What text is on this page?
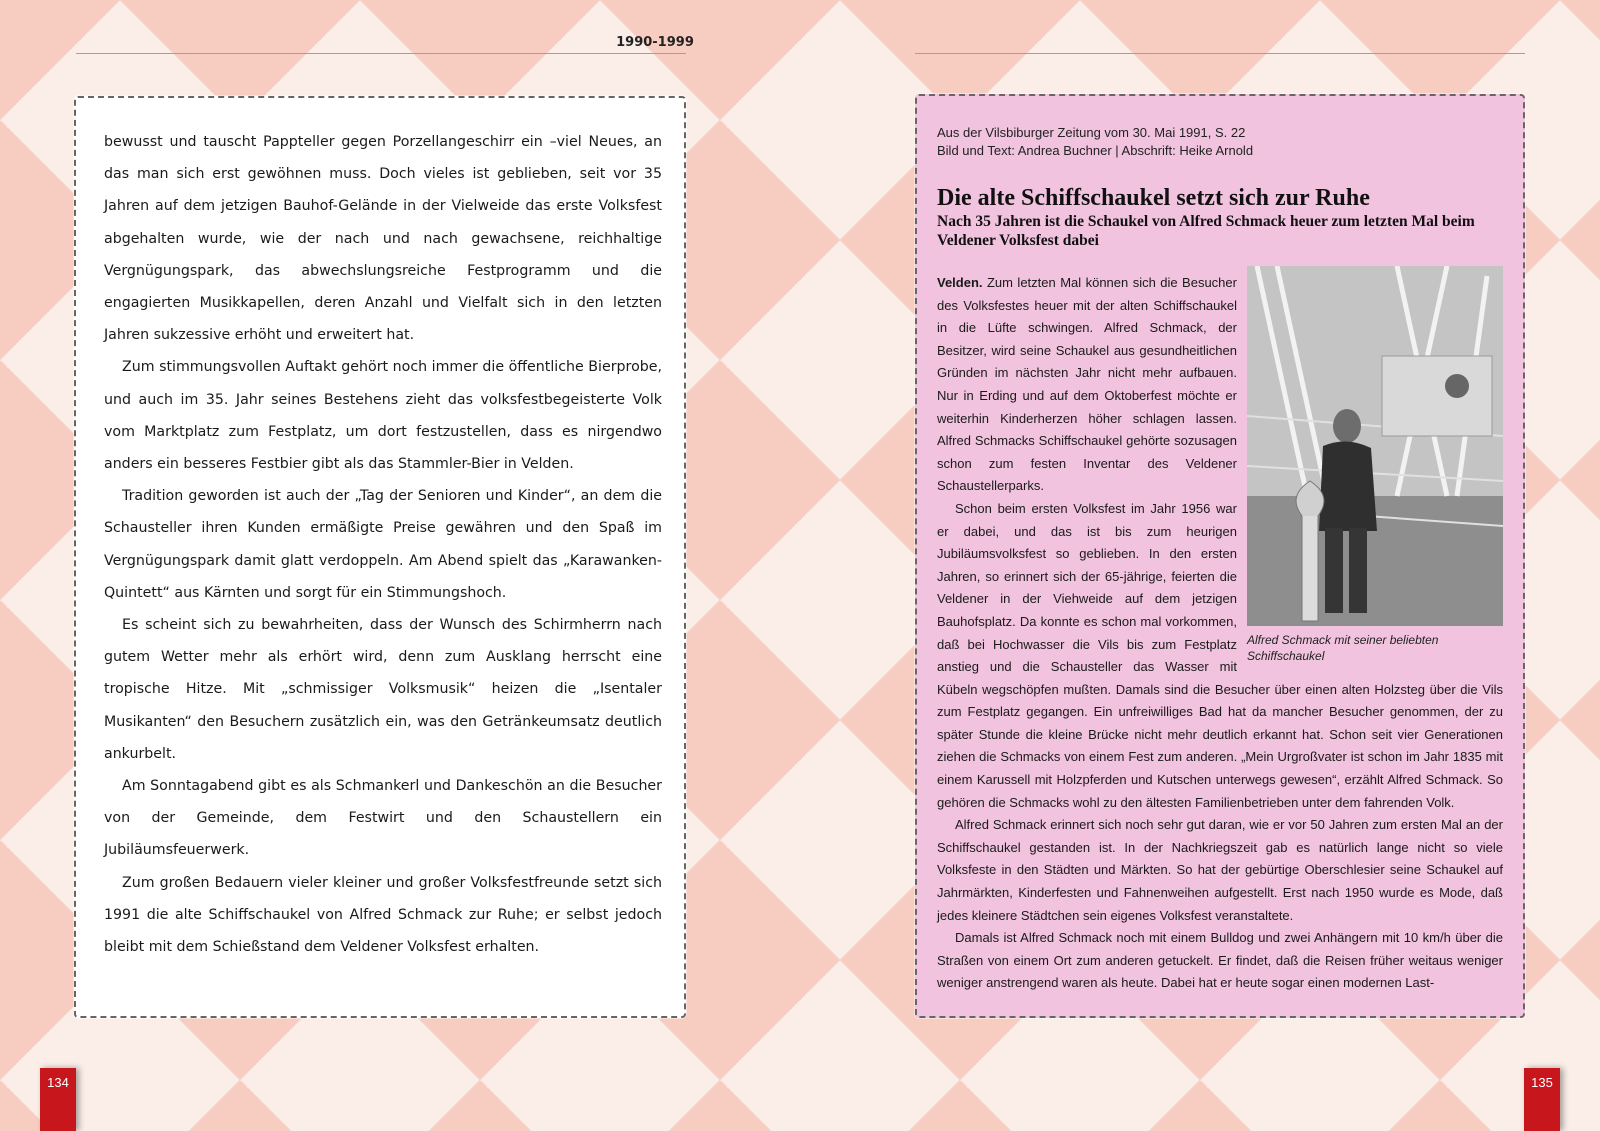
1990-1999

bewusst und tauscht Pappteller gegen Porzellangeschirr ein –viel Neues, an das man sich erst gewöhnen muss. Doch vieles ist geblieben, seit vor 35 Jahren auf dem jetzigen Bauhof-Gelände in der Vielweide das erste Volksfest abgehalten wurde, wie der nach und nach gewachsene, reichhaltige Vergnügungspark, das abwechslungsreiche Festprogramm und die engagierten Musikkapellen, deren Anzahl und Vielfalt sich in den letzten Jahren sukzessive erhöht und erweitert hat.

Zum stimmungsvollen Auftakt gehört noch immer die öffentliche Bierprobe, und auch im 35. Jahr seines Bestehens zieht das volksfestbegeisterte Volk vom Marktplatz zum Festplatz, um dort festzustellen, dass es nirgendwo anders ein besseres Festbier gibt als das Stammler-Bier in Velden.

Tradition geworden ist auch der „Tag der Senioren und Kinder“, an dem die Schausteller ihren Kunden ermäßigte Preise gewähren und den Spaß im Vergnügungspark damit glatt verdoppeln. Am Abend spielt das „Karawanken-Quintett“ aus Kärnten und sorgt für ein Stimmungshoch.

Es scheint sich zu bewahrheiten, dass der Wunsch des Schirmherrn nach gutem Wetter mehr als erhört wird, denn zum Ausklang herrscht eine tropische Hitze. Mit „schmissiger Volksmusik“ heizen die „Isentaler Musikanten“ den Besuchern zusätzlich ein, was den Getränkeumsatz deutlich ankurbelt.

Am Sonntagabend gibt es als Schmankerl und Dankeschön an die Besucher von der Gemeinde, dem Festwirt und den Schaustellern ein Jubiläumsfeuerwerk.

Zum großen Bedauern vieler kleiner und großer Volksfestfreunde setzt sich 1991 die alte Schiffschaukel von Alfred Schmack zur Ruhe; er selbst jedoch bleibt mit dem Schießstand dem Veldener Volksfest erhalten.

Aus der Vilsbiburger Zeitung vom 30. Mai 1991, S. 22
Bild und Text: Andrea Buchner | Abschrift: Heike Arnold
Die alte Schiffschaukel setzt sich zur Ruhe
Nach 35 Jahren ist die Schaukel von Alfred Schmack heuer zum letzten Mal beim Veldener Volksfest dabei
Alfred Schmack mit seiner beliebten Schiffschaukel

Velden. Zum letzten Mal können sich die Besucher des Volksfestes heuer mit der alten Schiffschaukel in die Lüfte schwingen. Alfred Schmack, der Besitzer, wird seine Schaukel aus gesundheitlichen Gründen im nächsten Jahr nicht mehr aufbauen. Nur in Erding und auf dem Oktoberfest möchte er weiterhin Kinderherzen höher schlagen lassen. Alfred Schmacks Schiffschaukel gehörte sozusagen schon zum festen Inventar des Veldener Schaustellerparks.

Schon beim ersten Volksfest im Jahr 1956 war er dabei, und das ist bis zum heurigen Jubiläumsvolksfest so geblieben. In den ersten Jahren, so erinnert sich der 65-jährige, feierten die Veldener in der Viehweide auf dem jetzigen Bauhofsplatz. Da konnte es schon mal vorkommen, daß bei Hochwasser die Vils bis zum Festplatz anstieg und die Schausteller das Wasser mit Kübeln wegschöpfen mußten. Damals sind die Besucher über einen alten Holzsteg über die Vils zum Festplatz gegangen. Ein unfreiwilliges Bad hat da mancher Besucher genommen, der zu später Stunde die kleine Brücke nicht mehr deutlich erkannt hat. Schon seit vier Generationen ziehen die Schmacks von einem Fest zum anderen. „Mein Urgroßvater ist schon im Jahr 1835 mit einem Karussell mit Holzpferden und Kutschen unterwegs gewesen“, erzählt Alfred Schmack. So gehören die Schmacks wohl zu den ältesten Familienbetrieben unter dem fahrenden Volk.

Alfred Schmack erinnert sich noch sehr gut daran, wie er vor 50 Jahren zum ersten Mal an der Schiffschaukel gestanden ist. In der Nachkriegszeit gab es natürlich lange nicht so viele Volksfeste in den Städten und Märkten. So hat der gebürtige Oberschlesier seine Schaukel auf Jahrmärkten, Kinderfesten und Fahnenweihen aufgestellt. Erst nach 1950 wurde es Mode, daß jedes kleinere Städtchen sein eigenes Volksfest veranstaltete.

Damals ist Alfred Schmack noch mit einem Bulldog und zwei Anhängern mit 10 km/h über die Straßen von einem Ort zum anderen getuckelt. Er findet, daß die Reisen früher weitaus weniger weniger anstrengend waren als heute. Dabei hat er heute sogar einen modernen Last-

134	135
